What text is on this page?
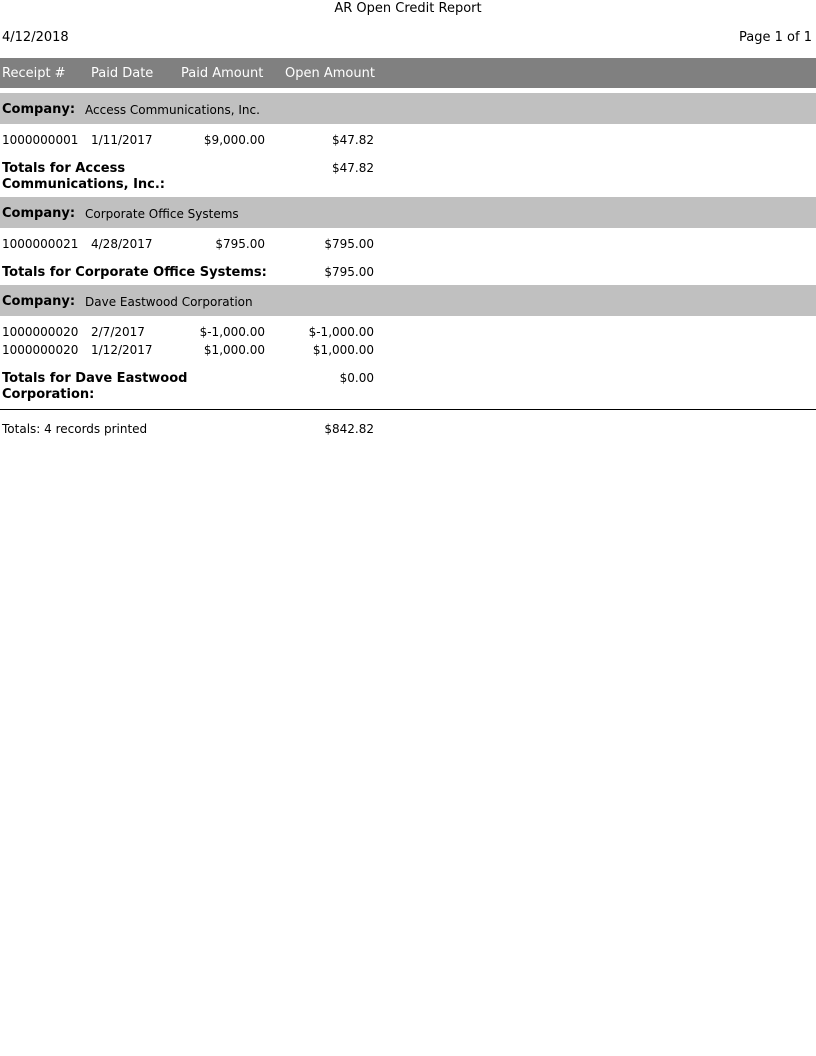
AR Open Credit Report
4/12/2018	Page 1 of 1
Receipt # Paid Date Paid Amount Open Amount
Company: Access Communications, Inc.
1000000001 1/11/2017	$9,000.00	$47.82
Totals for Access Communications, Inc.:
$47.82
Company: Corporate Office Systems
1000000021 4/28/2017	$795.00	$795.00
Totals for Corporate Office Systems:	$795.00
Company: Dave Eastwood Corporation
1000000020 2/7/2017	$-1,000.00	$-1,000.00
1000000020 1/12/2017	$1,000.00	$1,000.00
Totals for Dave Eastwood Corporation:
$0.00
Totals: 4 records printed	$842.82
